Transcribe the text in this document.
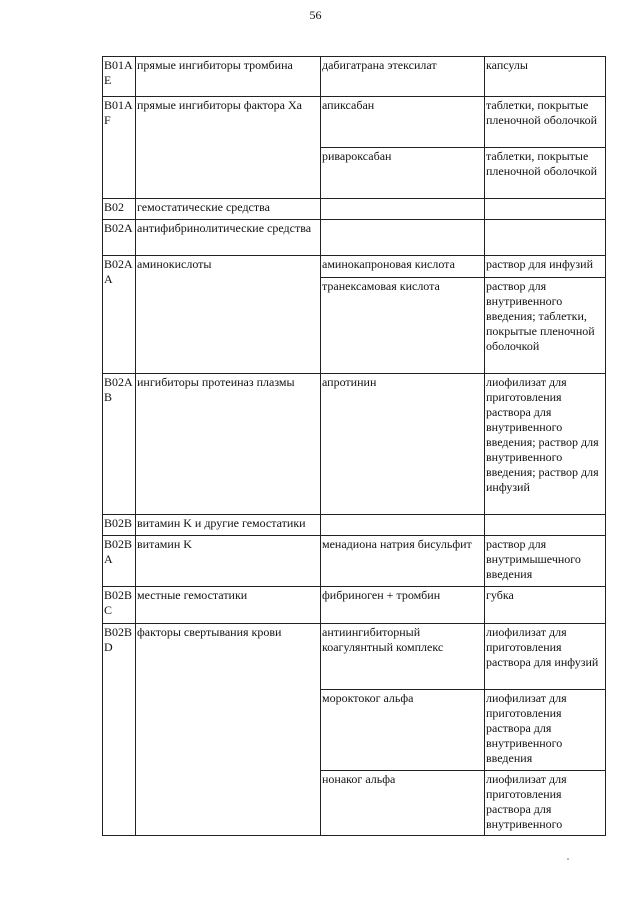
56
B01AE	прямые ингибиторы тромбина	дабигатрана этексилат	капсулы
B01AF	прямые ингибиторы фактора Xa	апиксабан	таблетки, покрытые пленочной оболочкой
		ривароксабан	таблетки, покрытые пленочной оболочкой
B02	гемостатические средства		
B02A	антифибринолитические средства		
B02AA	аминокислоты	аминокапроновая кислота	раствор для инфузий
		транексамовая кислота	раствор для внутривенного введения; таблетки, покрытые пленочной оболочкой
B02AB	ингибиторы протеиназ плазмы	апротинин	лиофилизат для приготовления раствора для внутривенного введения; раствор для внутривенного введения; раствор для инфузий
B02B	витамин K и другие гемостатики		
B02BA	витамин K	менадиона натрия бисульфит	раствор для внутримышечного введения
B02BC	местные гемостатики	фибриноген + тромбин	губка
B02BD	факторы свертывания крови	антиингибиторный коагулянтный комплекс	лиофилизат для приготовления раствора для инфузий
		мороктоког альфа	лиофилизат для приготовления раствора для внутривенного введения
		нонаког альфа	лиофилизат для приготовления раствора для внутривенного
